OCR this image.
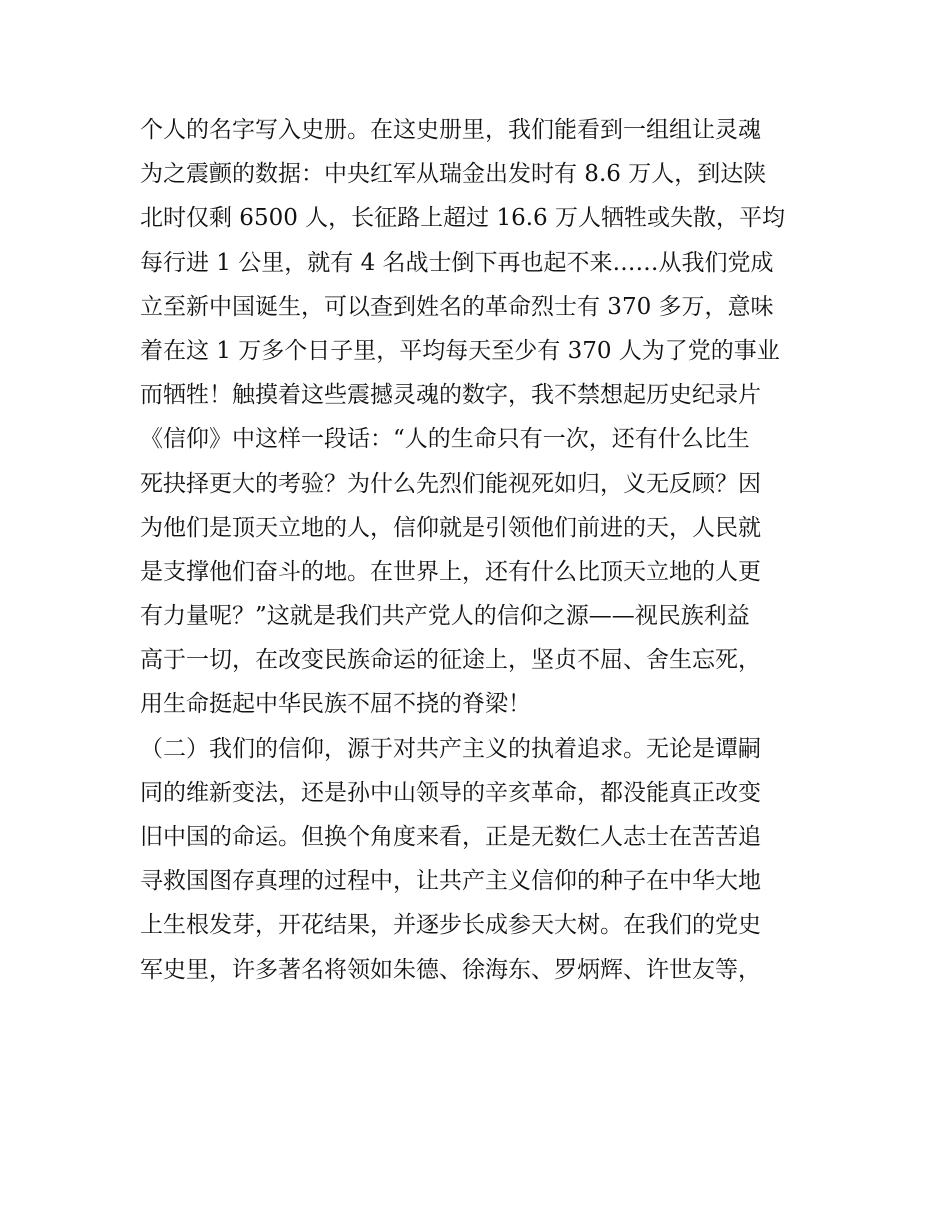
个人的名字写入史册。在这史册里，我们能看到一组组让灵魂
为之震颤的数据：中央红军从瑞金出发时有 8.6 万人，到达陕
北时仅剩 6500 人，长征路上超过 16.6 万人牺牲或失散，平均
每行进 1 公里，就有 4 名战士倒下再也起不来……从我们党成
立至新中国诞生，可以查到姓名的革命烈士有 370 多万，意味
着在这 1 万多个日子里，平均每天至少有 370 人为了党的事业
而牺牲！触摸着这些震撼灵魂的数字，我不禁想起历史纪录片
《信仰》中这样一段话：“人的生命只有一次，还有什么比生
死抉择更大的考验？为什么先烈们能视死如归，义无反顾？因
为他们是顶天立地的人，信仰就是引领他们前进的天，人民就
是支撑他们奋斗的地。在世界上，还有什么比顶天立地的人更
有力量呢？”这就是我们共产党人的信仰之源——视民族利益
高于一切，在改变民族命运的征途上，坚贞不屈、舍生忘死，
用生命挺起中华民族不屈不挠的脊梁！
（二）我们的信仰，源于对共产主义的执着追求。无论是谭嗣
同的维新变法，还是孙中山领导的辛亥革命，都没能真正改变
旧中国的命运。但换个角度来看，正是无数仁人志士在苦苦追
寻救国图存真理的过程中，让共产主义信仰的种子在中华大地
上生根发芽，开花结果，并逐步长成参天大树。在我们的党史
军史里，许多著名将领如朱德、徐海东、罗炳辉、许世友等，
